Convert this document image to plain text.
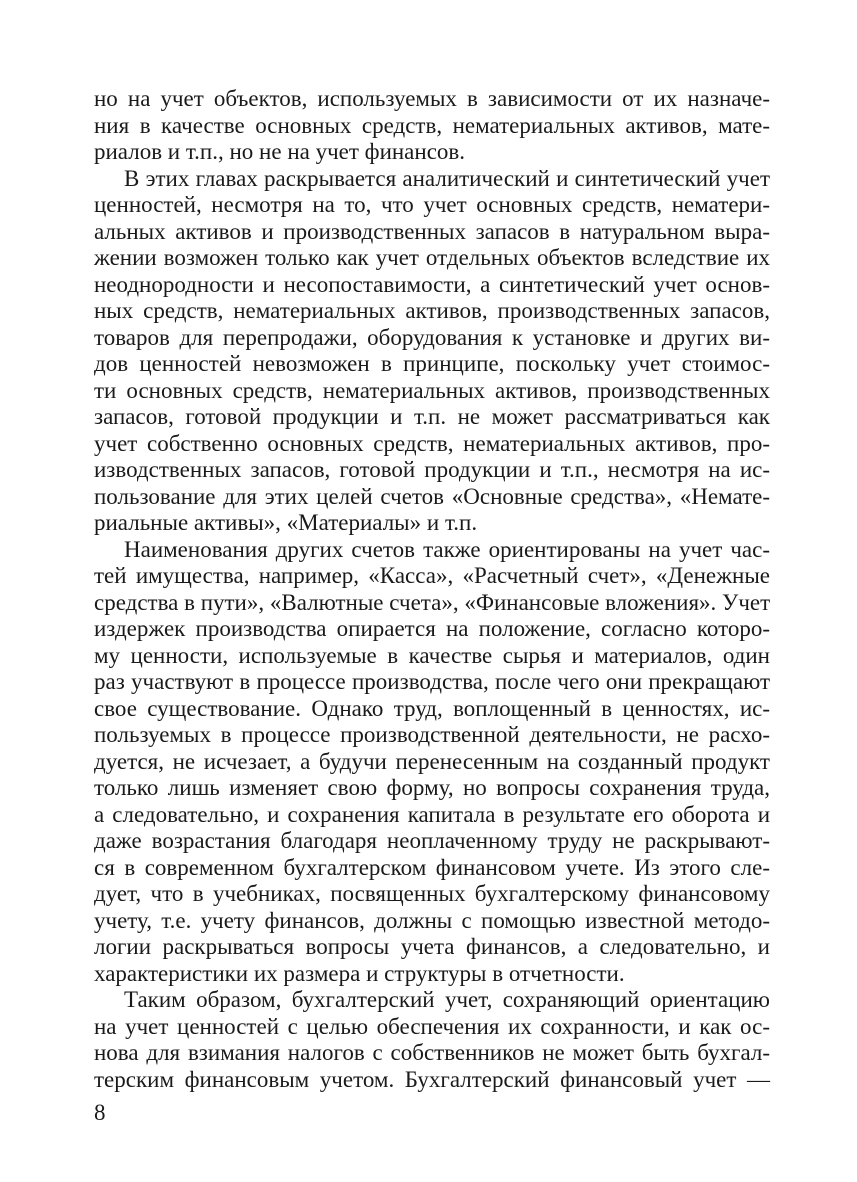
но на учет объектов, используемых в зависимости от их назначе-
ния в качестве основных средств, нематериальных активов, мате-
риалов и т.п., но не на учет финансов.
В этих главах раскрывается аналитический и синтетический учет
ценностей, несмотря на то, что учет основных средств, нематери-
альных активов и производственных запасов в натуральном выра-
жении возможен только как учет отдельных объектов вследствие их
неоднородности и несопоставимости, а синтетический учет основ-
ных средств, нематериальных активов, производственных запасов,
товаров для перепродажи, оборудования к установке и других ви-
дов ценностей невозможен в принципе, поскольку учет стоимос-
ти основных средств, нематериальных активов, производственных
запасов, готовой продукции и т.п. не может рассматриваться как
учет собственно основных средств, нематериальных активов, про-
изводственных запасов, готовой продукции и т.п., несмотря на ис-
пользование для этих целей счетов «Основные средства», «Немате-
риальные активы», «Материалы» и т.п.
Наименования других счетов также ориентированы на учет час-
тей имущества, например, «Касса», «Расчетный счет», «Денежные
средства в пути», «Валютные счета», «Финансовые вложения». Учет
издержек производства опирается на положение, согласно которо-
му ценности, используемые в качестве сырья и материалов, один
раз участвуют в процессе производства, после чего они прекращают
свое существование. Однако труд, воплощенный в ценностях, ис-
пользуемых в процессе производственной деятельности, не расхо-
дуется, не исчезает, а будучи перенесенным на созданный продукт
только лишь изменяет свою форму, но вопросы сохранения труда,
а следовательно, и сохранения капитала в результате его оборота и
даже возрастания благодаря неоплаченному труду не раскрывают-
ся в современном бухгалтерском финансовом учете. Из этого сле-
дует, что в учебниках, посвященных бухгалтерскому финансовому
учету, т.е. учету финансов, должны с помощью известной методо-
логии раскрываться вопросы учета финансов, а следовательно, и
характеристики их размера и структуры в отчетности.
Таким образом, бухгалтерский учет, сохраняющий ориентацию
на учет ценностей с целью обеспечения их сохранности, и как ос-
нова для взимания налогов с собственников не может быть бухгал-
терским финансовым учетом. Бухгалтерский финансовый учет —
8
